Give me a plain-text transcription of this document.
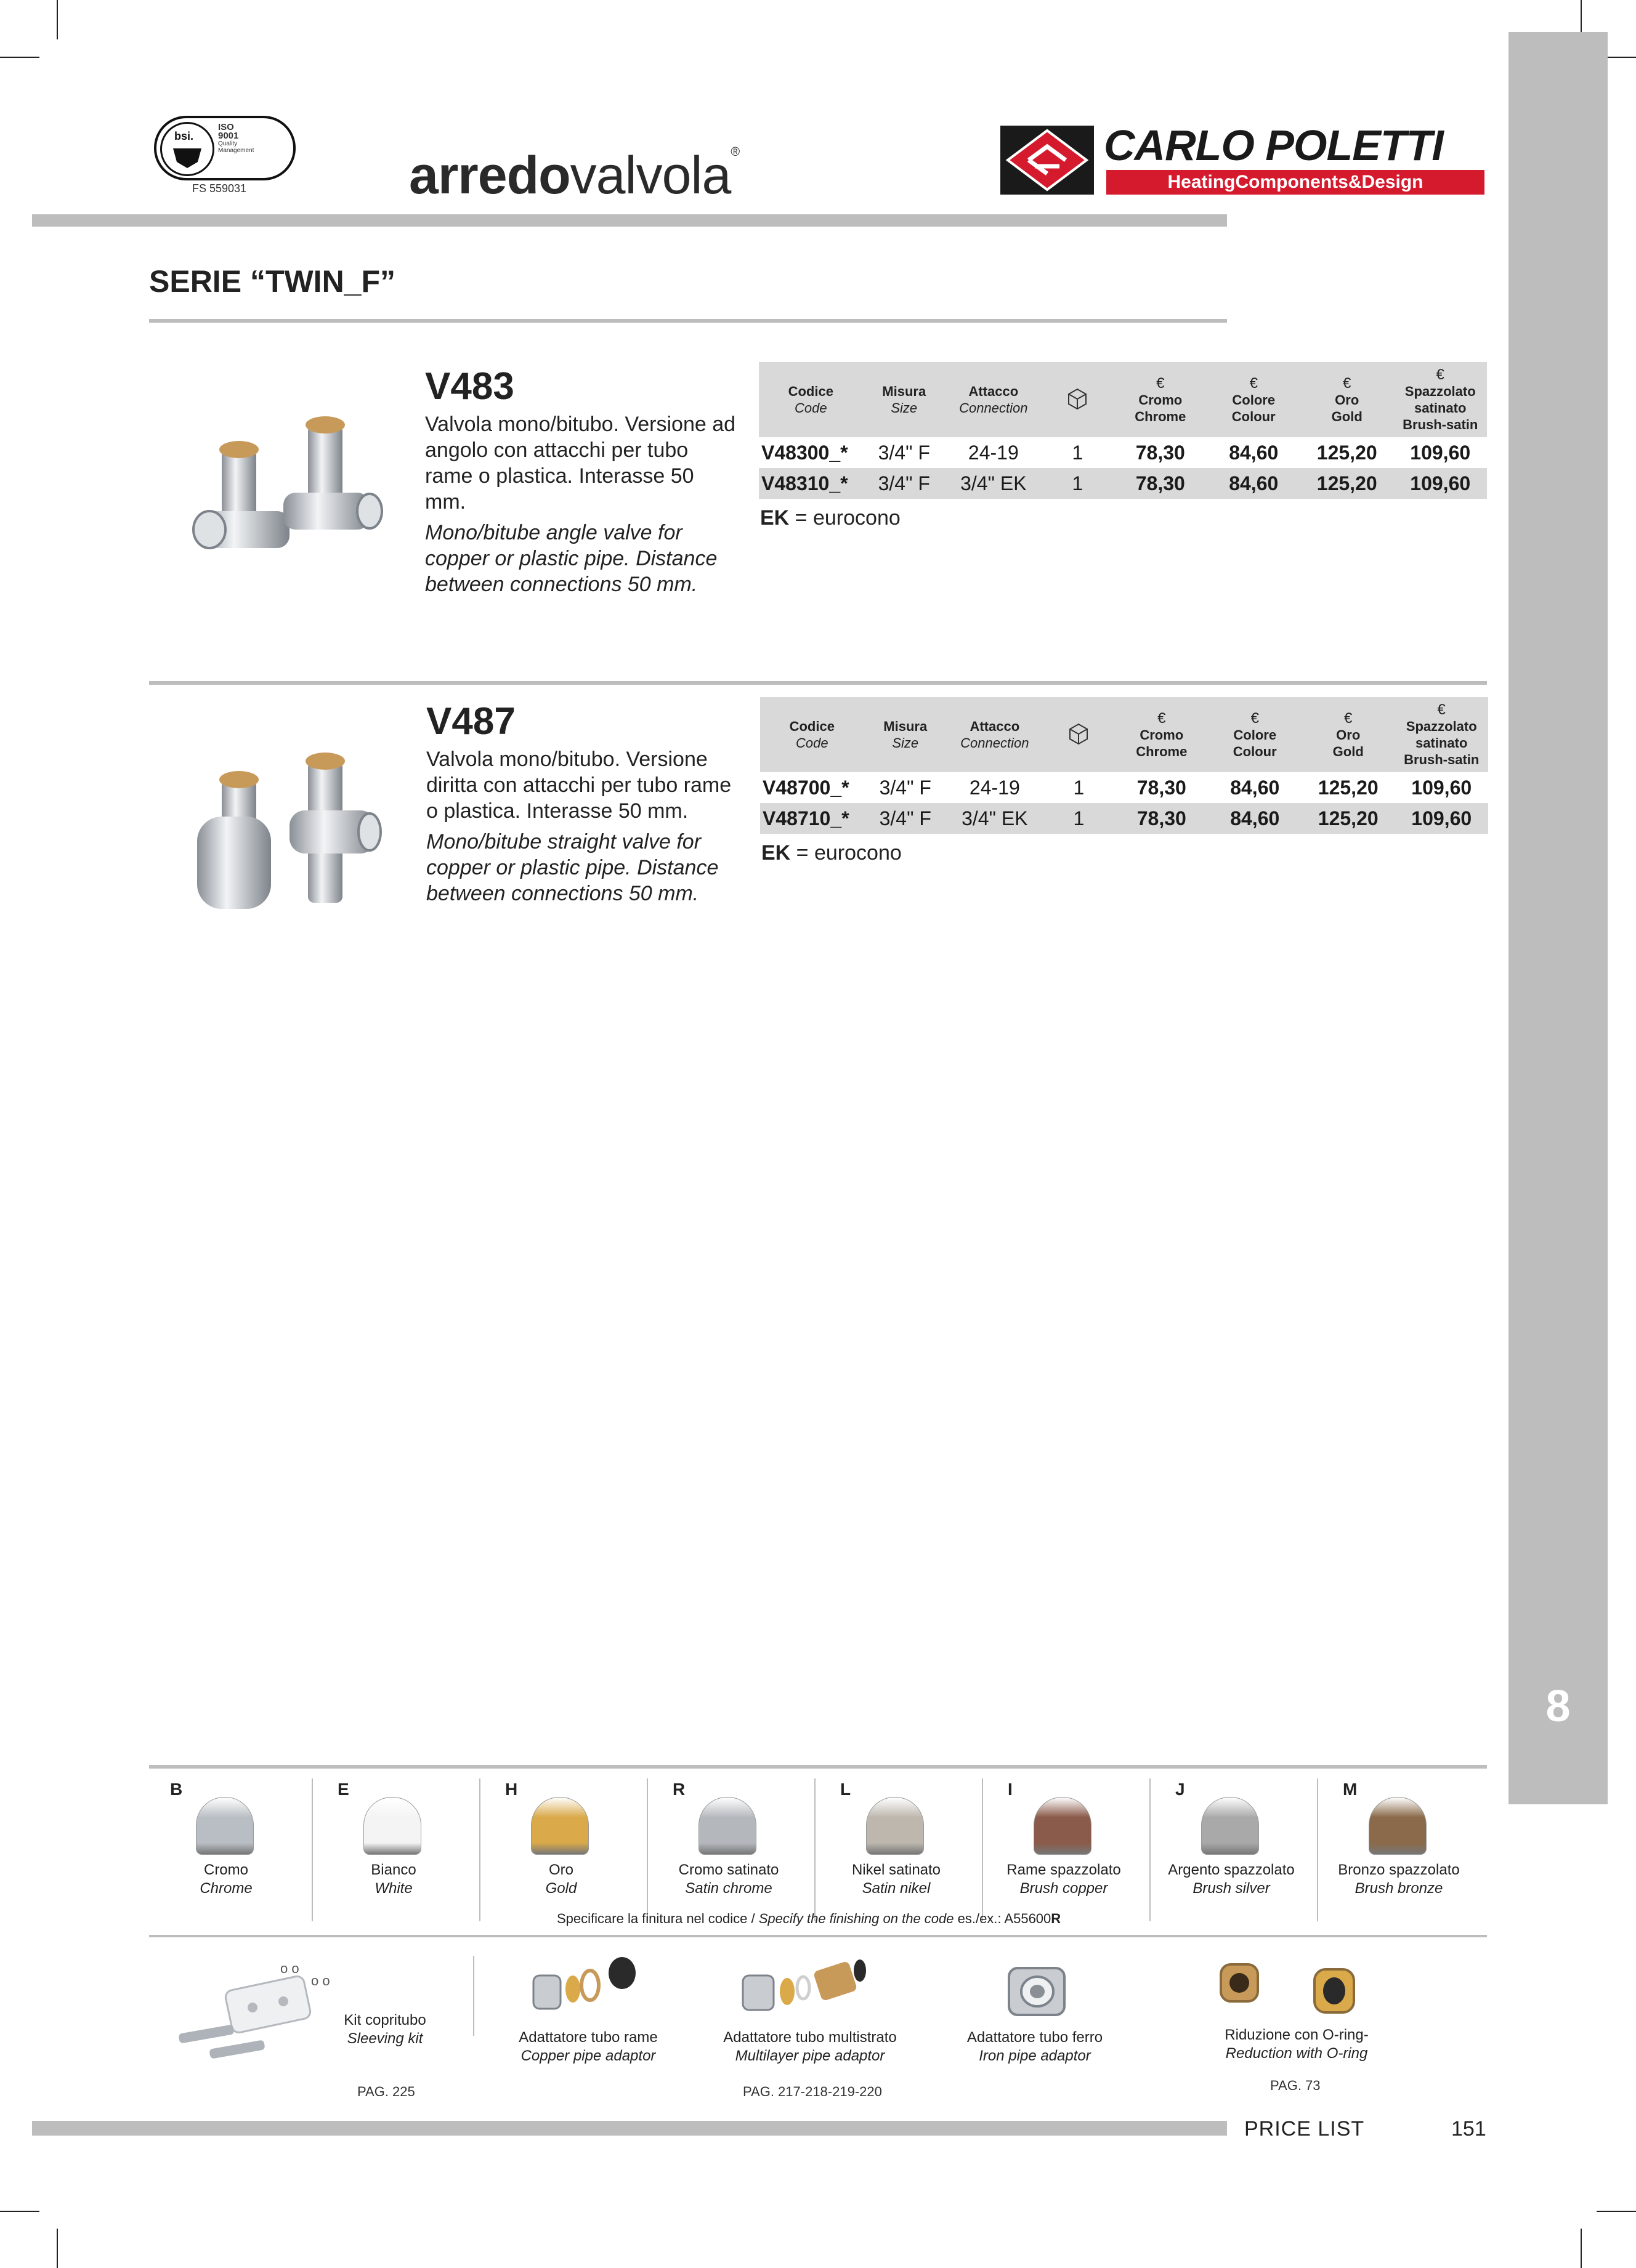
8
bsi.
ISO
9001
Quality
Management
FS 559031	arredovalvola®	CARLO POLETTI
HeatingComponents&Design
SERIE “TWIN_F”
V483
Valvola mono/bitubo. Versione ad angolo con attacchi per tubo rame o plastica. Interasse 50 mm.
Mono/bitube angle valve for copper or plastic pipe. Distance between connections 50 mm.
Codice
Code	Misura
Size	Attacco
Connection		€
Cromo
Chrome	€
Colore
Colour	€
Oro
Gold	€
Spazzolato satinato
Brush-satin

V48300_*	3/4" F	24-19	1	78,30	84,60	125,20	109,60
V48310_*	3/4" F	3/4" EK	1	78,30	84,60	125,20	109,60
EK = eurocono
V487
Valvola mono/bitubo. Versione diritta con attacchi per tubo rame o plastica. Interasse 50 mm.
Mono/bitube straight valve for copper or plastic pipe. Distance between connections 50 mm.
Codice
Code	Misura
Size	Attacco
Connection		€
Cromo
Chrome	€
Colore
Colour	€
Oro
Gold	€
Spazzolato satinato
Brush-satin

V48700_*	3/4" F	24-19	1	78,30	84,60	125,20	109,60
V48710_*	3/4" F	3/4" EK	1	78,30	84,60	125,20	109,60
EK = eurocono
B
Cromo
Chrome
E
Bianco
White
H
Oro
Gold
R
Cromo satinato
Satin chrome
L
Nikel satinato
Satin nikel
I
Rame spazzolato
Brush copper
J
Argento spazzolato
Brush silver
M
Bronzo spazzolato
Brush bronze
Specificare la finitura nel codice / Specify the finishing on the code es./ex.: A55600R
o o
o o
Kit copritubo
Sleeving kit
PAG. 225
Adattatore tubo rame
Copper pipe adaptor
Adattatore tubo multistrato
Multilayer pipe adaptor
PAG. 217-218-219-220
Adattatore tubo ferro
Iron pipe adaptor
Riduzione con O-ring-
Reduction with O-ring
PAG. 73
PRICE LIST	151
